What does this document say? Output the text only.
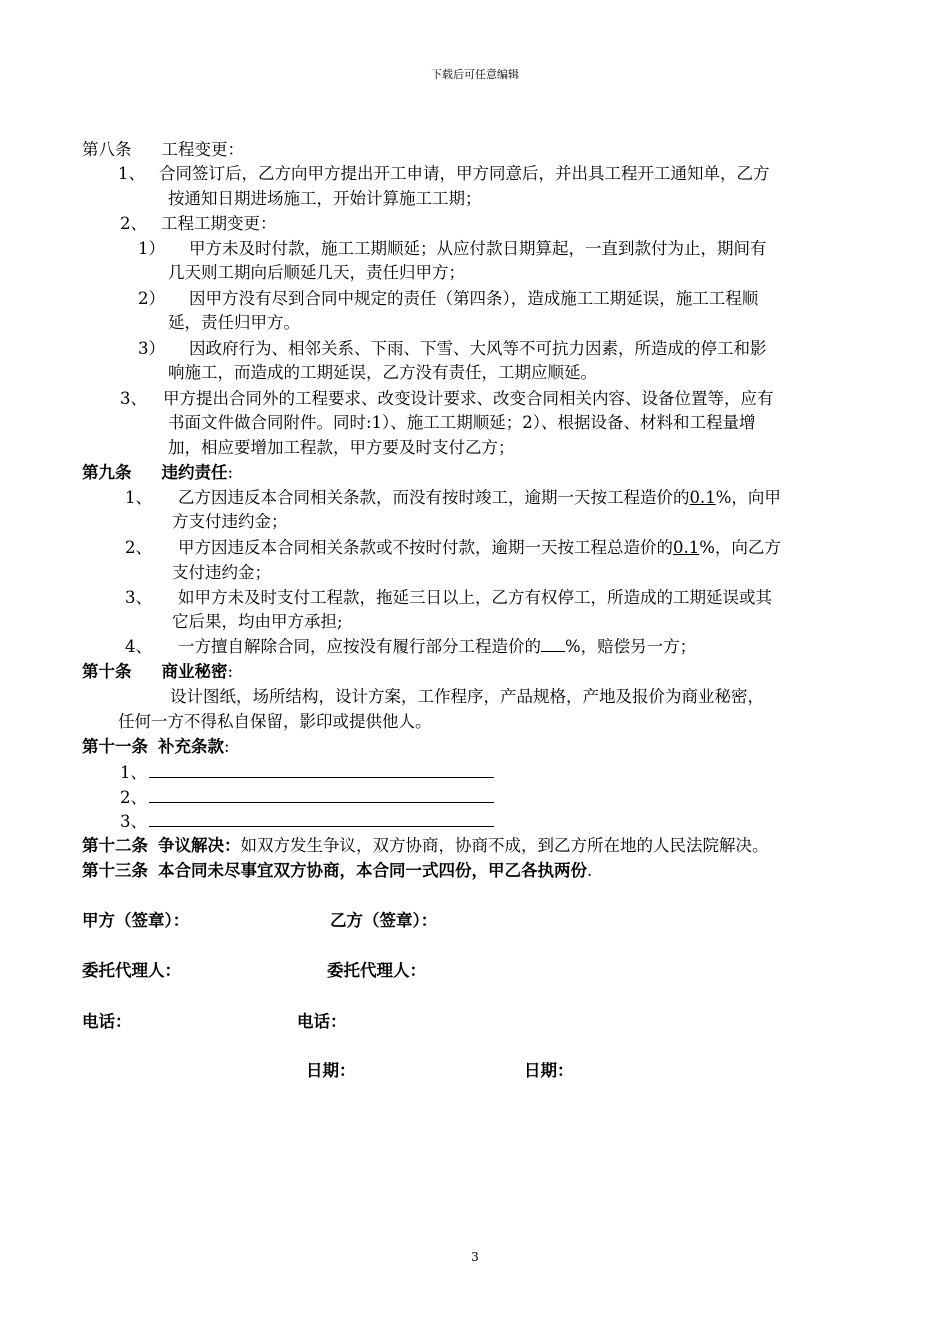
下载后可任意编辑
第八条 工程变更：
1、 合同签订后，乙方向甲方提出开工申请，甲方同意后，并出具工程开工通知单，乙方
按通知日期进场施工，开始计算施工工期；
2、 工程工期变更：
1） 甲方未及时付款，施工工期顺延；从应付款日期算起，一直到款付为止，期间有
几天则工期向后顺延几天，责任归甲方；
2） 因甲方没有尽到合同中规定的责任（第四条），造成施工工期延误，施工工程顺
延，责任归甲方。
3） 因政府行为、相邻关系、下雨、下雪、大风等不可抗力因素，所造成的停工和影
响施工，而造成的工期延误，乙方没有责任，工期应顺延。
3、 甲方提出合同外的工程要求、改变设计要求、改变合同相关内容、设备位置等，应有
书面文件做合同附件。同时:1）、施工工期顺延；2）、根据设备、材料和工程量增
加，相应要增加工程款，甲方要及时支付乙方；
第九条 违约责任:
1、 乙方因违反本合同相关条款，而没有按时竣工，逾期一天按工程造价的0.1%，向甲
方支付违约金；
2、 甲方因违反本合同相关条款或不按时付款，逾期一天按工程总造价的0.1%，向乙方
支付违约金；
3、 如甲方未及时支付工程款，拖延三日以上，乙方有权停工，所造成的工期延误或其
它后果，均由甲方承担;
4、 一方擅自解除合同，应按没有履行部分工程造价的 %，赔偿另一方；
第十条 商业秘密:
设计图纸，场所结构，设计方案，工作程序，产品规格，产地及报价为商业秘密，
任何一方不得私自保留，影印或提供他人。
第十一条 补充条款:
1、
2、
3、
第十二条 争议解决：如双方发生争议，双方协商，协商不成，到乙方所在地的人民法院解决。
第十三条 本合同未尽事宜双方协商，本合同一式四份，甲乙各执两份.
甲方（签章）：	乙方（签章）：
委托代理人：	委托代理人：
电话：	电话：
日期：	日期：
3
